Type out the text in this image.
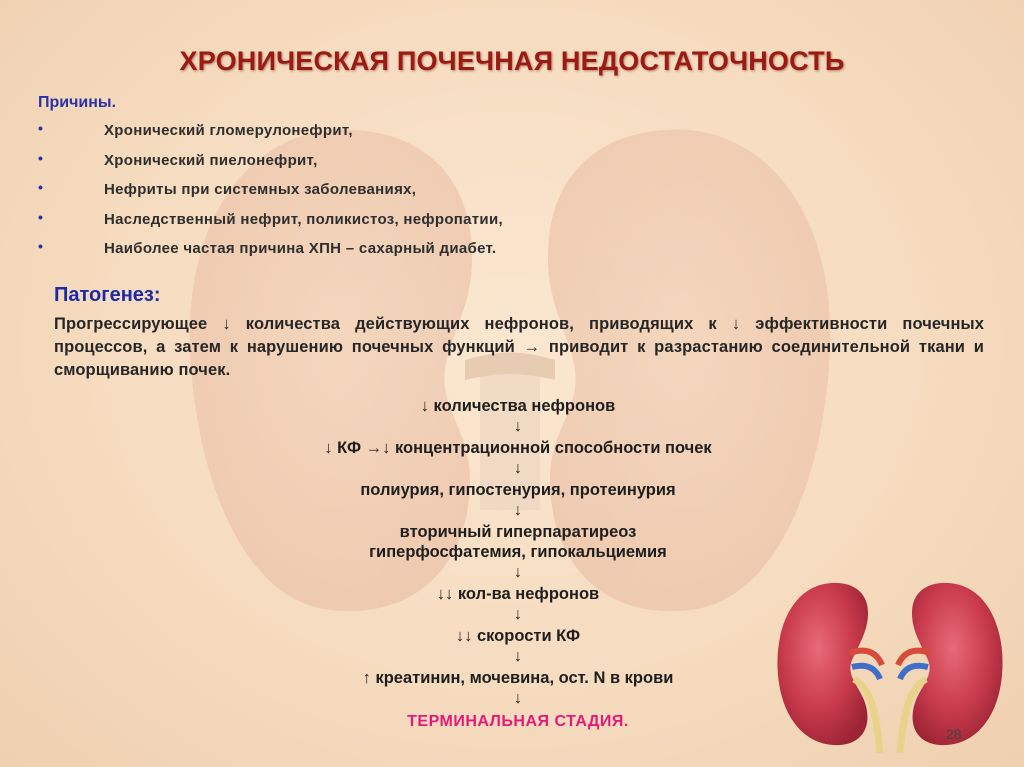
ХРОНИЧЕСКАЯ ПОЧЕЧНАЯ НЕДОСТАТОЧНОСТЬ
Причины.
•	Хронический гломерулонефрит,
•	Хронический пиелонефрит,
•	Нефриты при системных заболеваниях,
•	Наследственный нефрит, поликистоз, нефропатии,
•	Наиболее частая причина ХПН – сахарный диабет.
Патогенез:
Прогрессирующее ↓ количества действующих нефронов, приводящих к ↓ эффективности почечных процессов, а затем к нарушению почечных функций → приводит к разрастанию соединительной ткани и сморщиванию почек.
↓ количества нефронов
↓
↓ КФ →↓ концентрационной способности почек
↓
полиурия, гипостенурия, протеинурия
↓
вторичный гиперпаратиреоз
гиперфосфатемия, гипокальциемия
↓
↓↓ кол-ва нефронов
↓
↓↓ скорости КФ
↓
↑ креатинин, мочевина, ост. N в крови
↓
ТЕРМИНАЛЬНАЯ СТАДИЯ.
28
